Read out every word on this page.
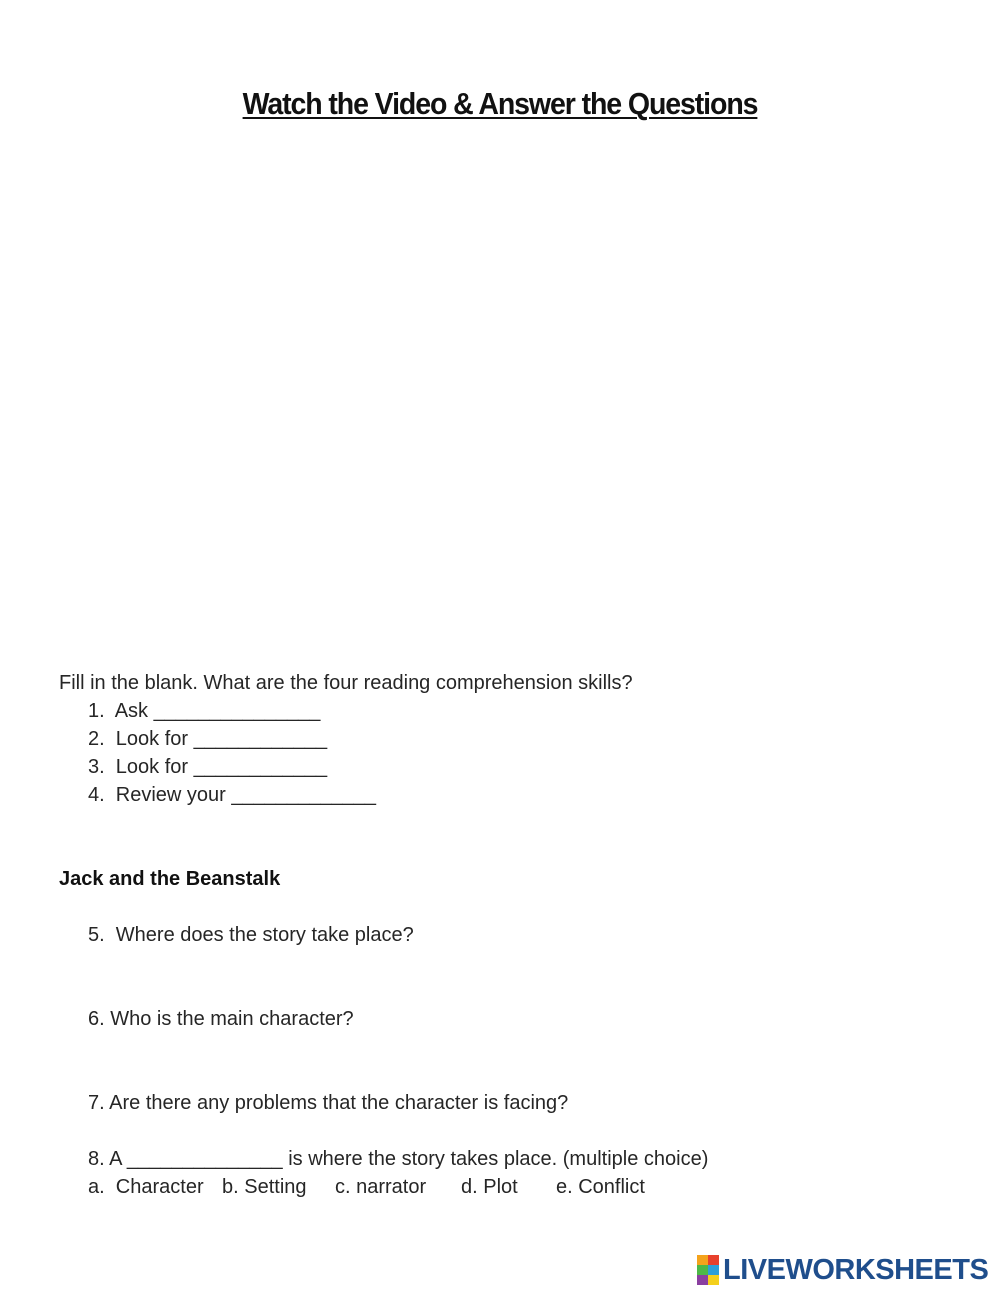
Watch the Video & Answer the Questions
Fill in the blank. What are the four reading comprehension skills?
1.  Ask _______________
2.  Look for ____________
3.  Look for ____________
4.  Review your _____________
Jack and the Beanstalk
5.  Where does the story take place?
6. Who is the main character?
7. Are there any problems that the character is facing?
8. A ______________ is where the story takes place. (multiple choice)
a.  Character b. Setting c. narrator d. Plot e. Conflict
LIVEWORKSHEETS
